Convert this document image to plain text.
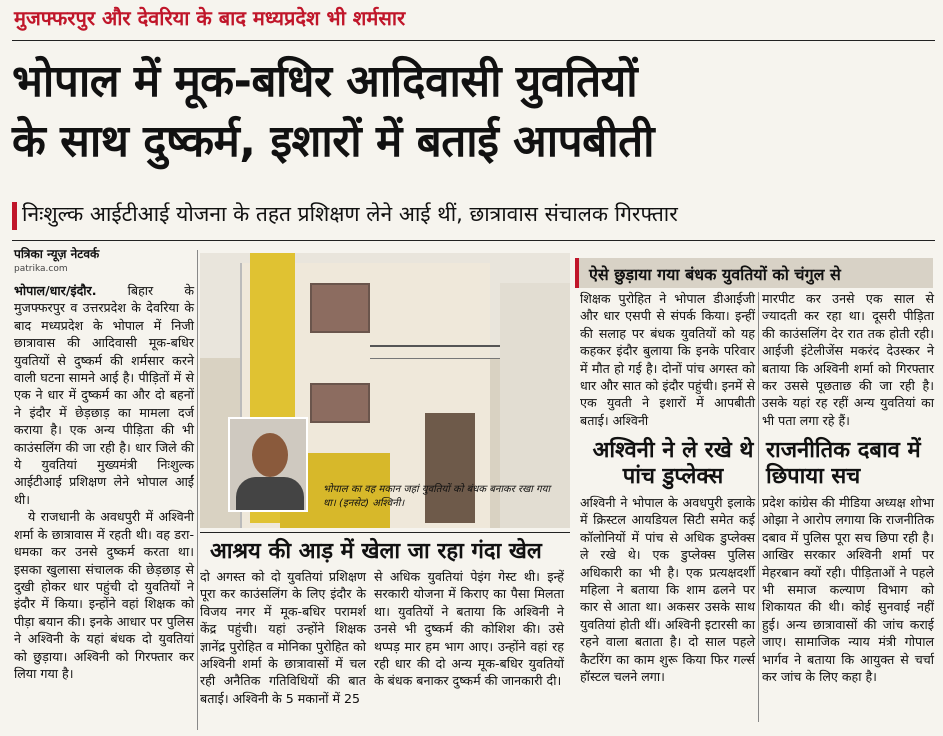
मुजफ्फरपुर और देवरिया के बाद मध्यप्रदेश भी शर्मसार
भोपाल में मूक-बधिर आदिवासी युवतियों
के साथ दुष्कर्म, इशारों में बताई आपबीती
निःशुल्क आईटीआई योजना के तहत प्रशिक्षण लेने आई थीं, छात्रावास संचालक गिरफ्तार
पत्रिका न्यूज़ नेटवर्क
patrika.com

भोपाल/धार/इंदौर. बिहार के मुजफ्फरपुर व उत्तरप्रदेश के देवरिया के बाद मध्यप्रदेश के भोपाल में निजी छात्रावास की आदिवासी मूक-बधिर युवतियों से दुष्कर्म की शर्मसार करने वाली घटना सामने आई है। पीड़ितों में से एक ने धार में दुष्कर्म का और दो बहनों ने इंदौर में छेड़छाड़ का मामला दर्ज कराया है। एक अन्य पीड़िता की भी काउंसलिंग की जा रही है। धार जिले की ये युवतियां मुख्यमंत्री निःशुल्क आईटीआई प्रशिक्षण लेने भोपाल आईं थी।

ये राजधानी के अवधपुरी में अश्विनी शर्मा के छात्रावास में रहती थी। वह डरा-धमका कर उनसे दुष्कर्म करता था। इसका खुलासा संचालक की छेड़छाड़ से दुखी होकर धार पहुंची दो युवतियों ने इंदौर में किया। इन्होंने वहां शिक्षक को पीड़ा बयान की। इनके आधार पर पुलिस ने अश्विनी के यहां बंधक दो युवतियां को छुड़ाया। अश्विनी को गिरफ्तार कर लिया गया है।

भोपाल का वह मकान जहां युवतियों को बंधक बनाकर रखा गया था। (इनसेट) अश्विनी।
आश्रय की आड़ में खेला जा रहा गंदा खेल
दो अगस्त को दो युवतियां प्रशिक्षण पूरा कर काउंसलिंग के लिए इंदौर के विजय नगर में मूक-बधिर परामर्श केंद्र पहुंची। यहां उन्होंने शिक्षक ज्ञानेंद्र पुरोहित व मोनिका पुरोहित को अश्विनी शर्मा के छात्रावासों में चल रही अनैतिक गतिविधियों की बात बताई। अश्विनी के 5 मकानों में 25
से अधिक युवतियां पेइंग गेस्ट थी। इन्हें सरकारी योजना में किराए का पैसा मिलता था। युवतियों ने बताया कि अश्विनी ने उनसे भी दुष्कर्म की कोशिश की। उसे थप्पड़ मार हम भाग आए। उन्होंने वहां रह रही धार की दो अन्य मूक-बधिर युवतियों के बंधक बनाकर दुष्कर्म की जानकारी दी।
ऐसे छुड़ाया गया बंधक युवतियों को चंगुल से
शिक्षक पुरोहित ने भोपाल डीआईजी और धार एसपी से संपर्क किया। इन्हीं की सलाह पर बंधक युवतियों को यह कहकर इंदौर बुलाया कि इनके परिवार में मौत हो गई है। दोनों पांच अगस्त को धार और सात को इंदौर पहुंची। इनमें से एक युवती ने इशारों में आपबीती बताई। अश्विनी
मारपीट कर उनसे एक साल से ज्यादती कर रहा था। दूसरी पीड़िता की काउंसलिंग देर रात तक होती रही। आईजी इंटेलीजेंस मकरंद देउस्कर ने बताया कि अश्विनी शर्मा को गिरफ्तार कर उससे पूछताछ की जा रही है। उसके यहां रह रहीं अन्य युवतियां का भी पता लगा रहे हैं।
अश्विनी ने ले रखे थे पांच डुप्लेक्स
अश्विनी ने भोपाल के अवधपुरी इलाके में क्रिस्टल आयडियल सिटी समेत कई कॉलोनियों में पांच से अधिक डुप्लेक्स ले रखे थे। एक डुप्लेक्स पुलिस अधिकारी का भी है। एक प्रत्यक्षदर्शी महिला ने बताया कि शाम ढलने पर कार से आता था। अकसर उसके साथ युवतियां होती थीं। अश्विनी इटारसी का रहने वाला बताता है। दो साल पहले कैटरिंग का काम शुरू किया फिर गर्ल्स हॉस्टल चलने लगा।
राजनीतिक दबाव में छिपाया सच
प्रदेश कांग्रेस की मीडिया अध्यक्ष शोभा ओझा ने आरोप लगाया कि राजनीतिक दबाव में पुलिस पूरा सच छिपा रही है। आखिर सरकार अश्विनी शर्मा पर मेहरबान क्यों रही। पीड़िताओं ने पहले भी समाज कल्याण विभाग को शिकायत की थी। कोई सुनवाई नहीं हुई। अन्य छात्रावासों की जांच कराई जाए। सामाजिक न्याय मंत्री गोपाल भार्गव ने बताया कि आयुक्त से चर्चा कर जांच के लिए कहा है।
